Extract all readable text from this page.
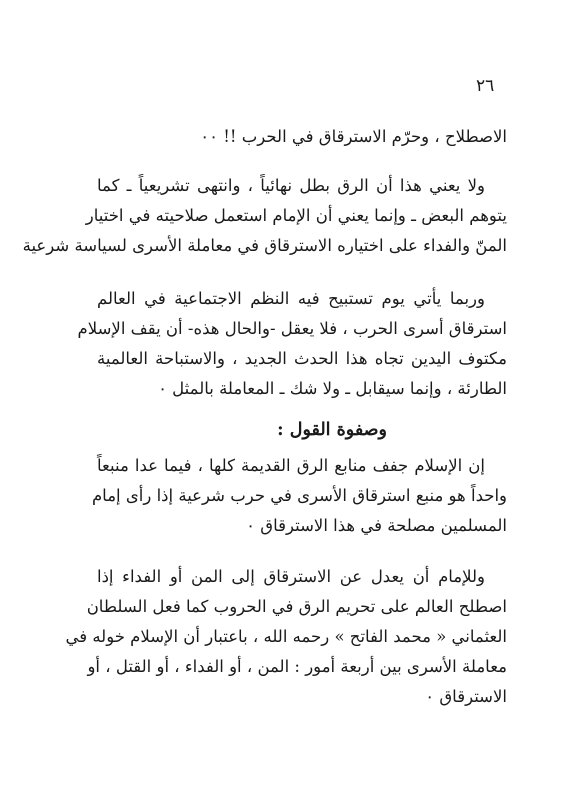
٢٦
الاصطلاح ، وحرّم الاسترقاق في الحرب !! ٠٠
ولا يعني هذا أن الرق بطل نهائياً ، وانتهى تشريعياً ـ كما
يتوهم البعض ـ وإنما يعني أن الإمام استعمل صلاحيته في اختيار
المنّ والفداء على اختياره الاسترقاق في معاملة الأسرى لسياسة شرعية
وربما يأتي يوم تستبيح فيه النظم الاجتماعية في العالم
استرقاق أسرى الحرب ، فلا يعقل -والحال هذه- أن يقف الإسلام
مكتوف اليدين تجاه هذا الحدث الجديد ، والاستباحة العالمية
الطارئة ، وإنما سيقابل ـ ولا شك ـ المعاملة بالمثل ٠
وصفوة القول :
إن الإسلام جفف منابع الرق القديمة كلها ، فيما عدا منبعاً
واحداً هو منبع استرقاق الأسرى في حرب شرعية إذا رأى إمام
المسلمين مصلحة في هذا الاسترقاق ٠
وللإمام أن يعدل عن الاسترقاق إلى المن أو الفداء إذا
اصطلح العالم على تحريم الرق في الحروب كما فعل السلطان
العثماني « محمد الفاتح » رحمه الله ، باعتبار أن الإسلام خوله في
معاملة الأسرى بين أربعة أمور : المن ، أو الفداء ، أو القتل ، أو
الاسترقاق ٠
